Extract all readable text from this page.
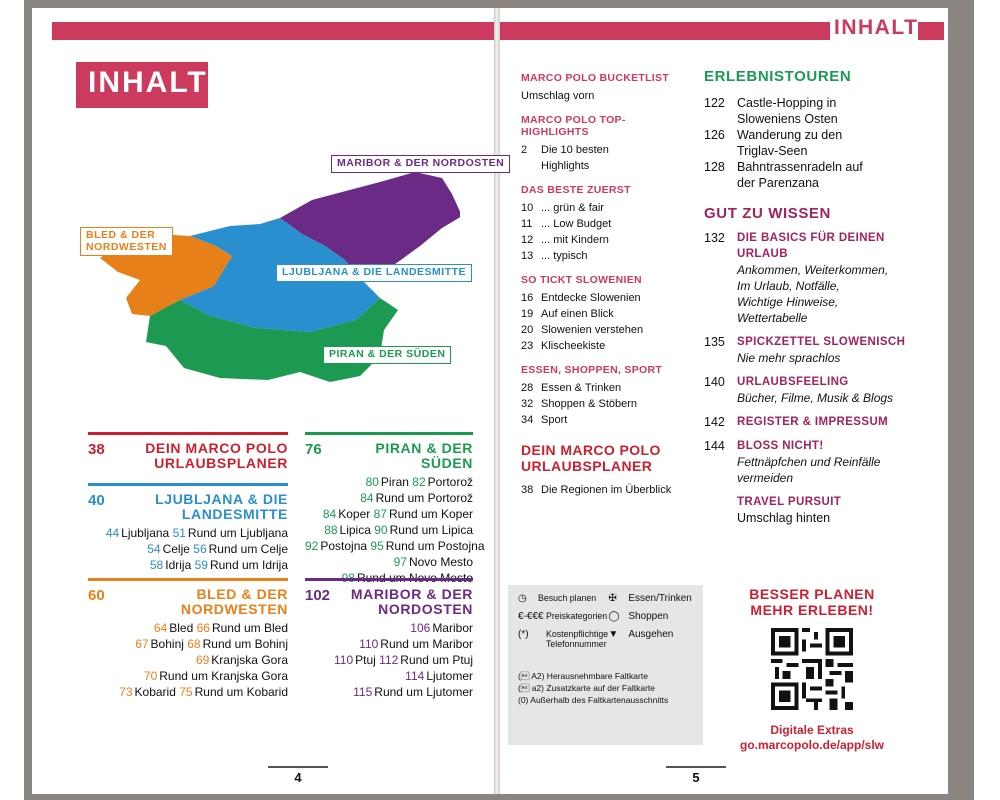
INHALT
INHALT
MARIBOR & DER NORDOSTEN
BLED & DER
NORDWESTEN
LJUBLJANA & DIE LANDESMITTE
PIRAN & DER SÜDEN
38	DEIN MARCO POLO
URLAUBSPLANER
40	LJUBLJANA & DIE
LANDESMITTE
44 Ljubljana 51 Rund um Ljubljana
54 Celje 56 Rund um Celje
58 Idrija 59 Rund um Idrija
60	BLED & DER
NORDWESTEN
64 Bled 66 Rund um Bled
67 Bohinj 68 Rund um Bohinj
69 Kranjska Gora
70 Rund um Kranjska Gora
73 Kobarid 75 Rund um Kobarid
76	PIRAN & DER SÜDEN
80 Piran 82 Portorož
84 Rund um Portorož
84 Koper 87 Rund um Koper
88 Lipica 90 Rund um Lipica
92 Postojna 95 Rund um Postojna
97 Novo Mesto
102 MARIBOR & DER
NORDOSTEN
106 Maribor
110 Rund um Maribor
110 Ptuj 112 Rund um Ptuj
114 Ljutomer
115 Rund um Ljutomer
4	5
MARCO POLO BUCKETLIST
Umschlag vorn
MARCO POLO TOP-HIGHLIGHTS
2	Die 10 besten
Highlights
DAS BESTE ZUERST
10 ... grün & fair
11 ... Low Budget
12 ... mit Kindern
13 ... typisch
SO TICKT SLOWENIEN
16 Entdecke Slowenien
19 Auf einen Blick
20 Slowenien verstehen
23 Klischeekiste
ESSEN, SHOPPEN, SPORT
28 Essen & Trinken
32 Shoppen & Stöbern
34 Sport
DEIN MARCO POLO
URLAUBSPLANER
38 Die Regionen im Überblick
ERLEBNISTOUREN
122 Castle-Hopping in
Sloweniens Osten
126 Wanderung zu den
Triglav-Seen
128 Bahntrassenradeln auf
der Parenzana
GUT ZU WISSEN
132	DIE BASICS FÜR DEINEN
URLAUB
Ankommen, Weiterkommen,
Im Urlaub, Notfälle,
Wichtige Hinweise,
Wettertabelle
135	SPICKZETTEL SLOWENISCH
Nie mehr sprachlos
140	URLAUBSFEELING
Bücher, Filme, Musik & Blogs
142	REGISTER & IMPRESSUM
144	BLOSS NICHT!
Fettnäpfchen und Reinfälle
vermeiden
TRAVEL PURSUIT
Umschlag hinten
◷	Besuch planen
€-€€€ Preiskategorien
(*)	Kostenpflichtige
Telefonnummer
✠	Essen/Trinken
◯ Shoppen
▼	Ausgehen
( A2) Herausnehmbare Faltkarte
( a2) Zusatzkarte auf der Faltkarte
(0) Außerhalb des Faltkartenausschnitts
BESSER PLANEN
MEHR ERLEBEN!
Digitale Extras
go.marcopolo.de/app/slw
